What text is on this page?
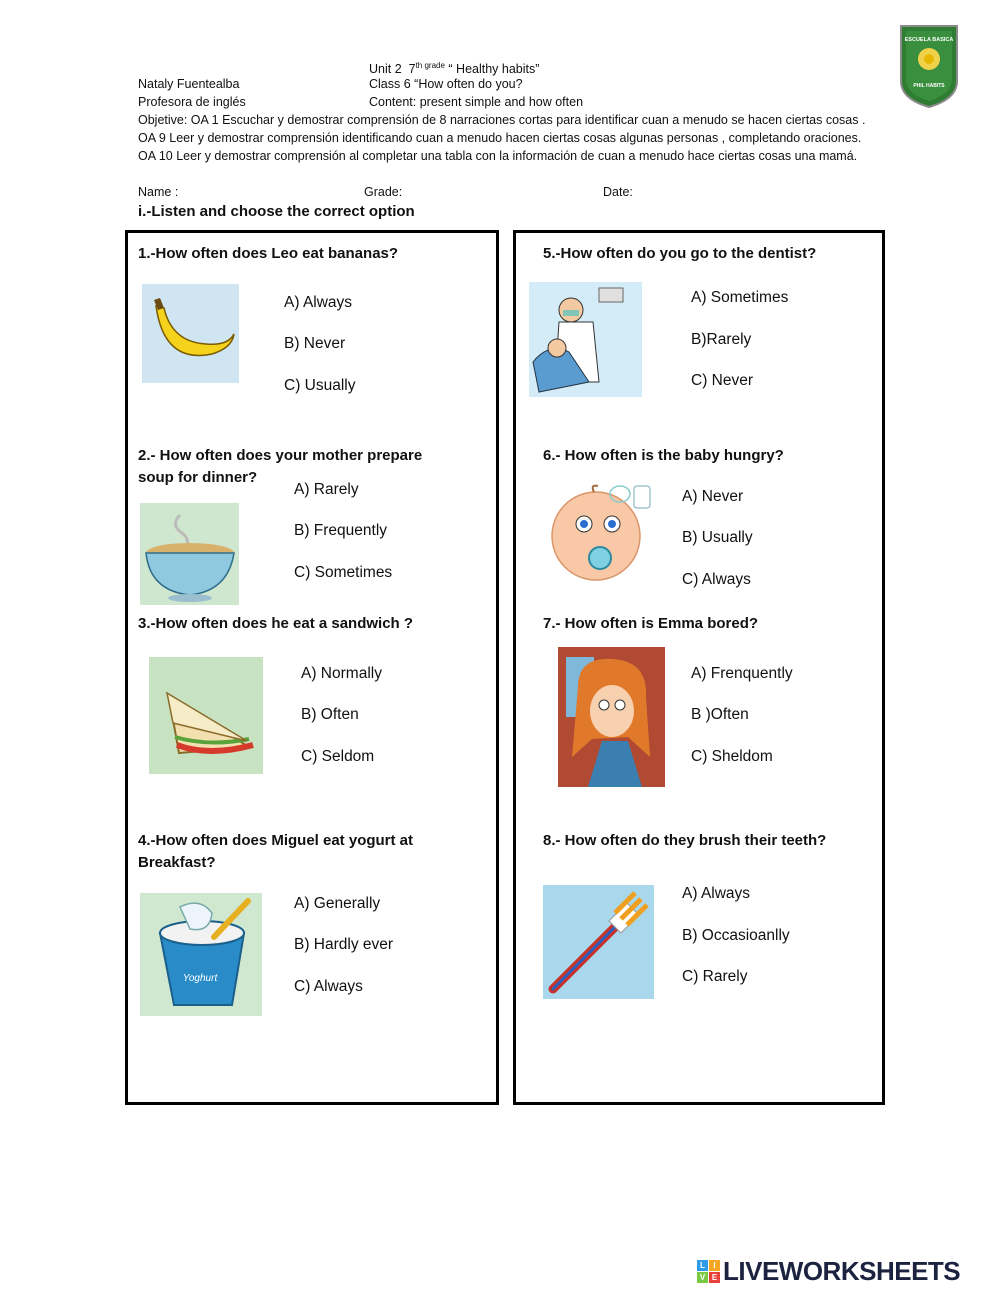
Unit 2 $7^{th grade}$ “ Healthy habits”
Nataly Fuentealba	Class 6 “How often do you?
Profesora de inglés	Content: present simple and how often
Objetive: OA 1 Escuchar y demostrar comprensión de 8 narraciones cortas para identificar cuan a menudo se hacen ciertas cosas . OA 9 Leer y demostrar comprensión identificando cuan a menudo hacen ciertas cosas algunas personas , completando oraciones. OA 10 Leer y demostrar comprensión al completar una tabla con la información de cuan a menudo hace ciertas cosas una mamá.
Name :	Grade:	Date:
i.-Listen and choose the correct option
ESCUELA BASICA
PHIL HABITS
1.-How often does Leo eat bananas?
A) Always
B) Never
C) Usually
2.- How often does your mother prepare soup for dinner?
A) Rarely
B) Frequently
C) Sometimes
3.-How often does he eat a sandwich ?
A) Normally
B) Often
C) Seldom
4.-How often does Miguel eat yogurt at Breakfast?
Yoghurt
A) Generally
B) Hardly ever
C) Always
5.-How often do you go to the dentist?
A) Sometimes
B)Rarely
C) Never
6.- How often is the baby hungry?
A) Never
B) Usually
C) Always
7.- How often is Emma bored?
A) Frenquently
B )Often
C) Sheldom
8.- How often do they brush their teeth?
A) Always
B) Occasioanlly
C) Rarely
L	I
V E LIVEWORKSHEETS
